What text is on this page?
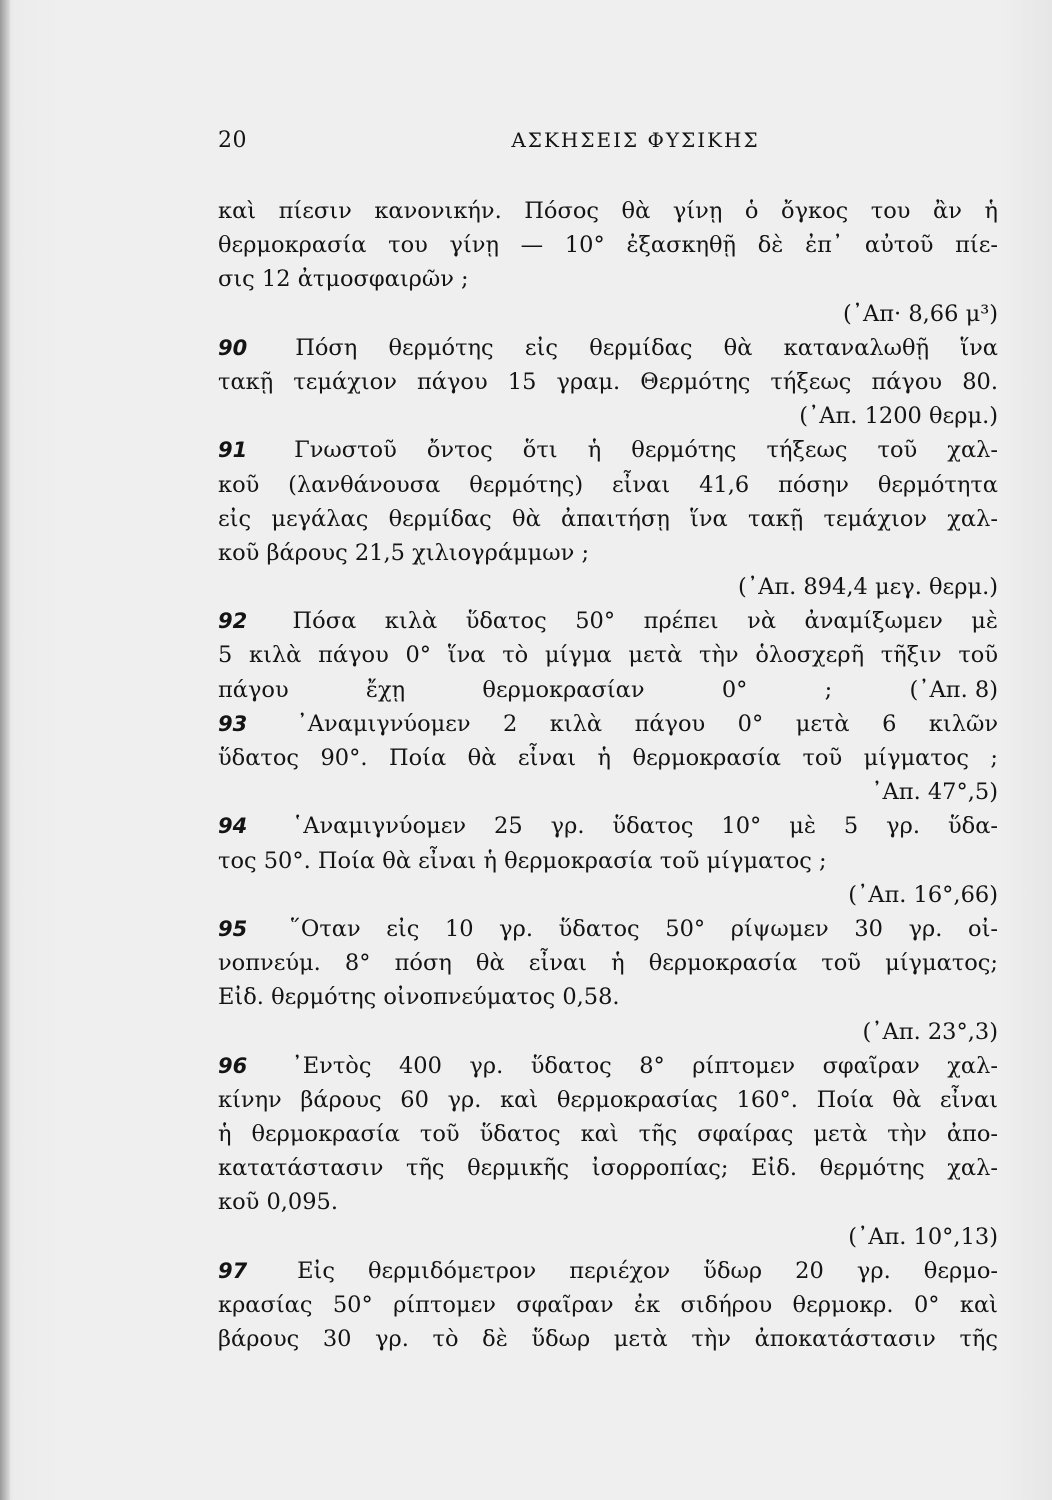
20	ΑΣΚΗΣΕΙΣ ΦΥΣΙΚΗΣ
καὶ πίεσιν κανονικήν. Πόσος θὰ γίνῃ ὁ ὄγκος του ἂν ἡ
θερμοκρασία του γίνῃ — 10° ἐξασκηθῇ δὲ ἐπ᾽ αὐτοῦ πίε-
σις 12 ἀτμοσφαιρῶν ;
(᾽Απ· 8,66 μ³)
90 Πόση θερμότης εἰς θερμίδας θὰ καταναλωθῇ ἵνα
τακῇ τεμάχιον πάγου 15 γραμ. Θερμότης τήξεως πάγου 80.
(᾽Απ. 1200 θερμ.)
91 Γνωστοῦ ὄντος ὅτι ἡ θερμότης τήξεως τοῦ χαλ-
κοῦ (λανθάνουσα θερμότης) εἶναι 41,6 πόσην θερμότητα
εἰς μεγάλας θερμίδας θὰ ἀπαιτήσῃ ἵνα τακῇ τεμάχιον χαλ-
κοῦ βάρους 21,5 χιλιογράμμων ;
(᾽Απ. 894,4 μεγ. θερμ.)
92 Πόσα κιλὰ ὕδατος 50° πρέπει νὰ ἀναμίξωμεν μὲ
5 κιλὰ πάγου 0° ἵνα τὸ μίγμα μετὰ τὴν ὁλοσχερῆ τῆξιν τοῦ
πάγου ἔχῃ θερμοκρασίαν 0° ;	(᾽Απ. 8)
93 ᾽Αναμιγνύομεν 2 κιλὰ πάγου 0° μετὰ 6 κιλῶν
ὕδατος 90°. Ποία θὰ εἶναι ἡ θερμοκρασία τοῦ μίγματος ;
᾽Απ. 47°,5)
94 ῾Αναμιγνύομεν 25 γρ. ὕδατος 10° μὲ 5 γρ. ὕδα-
τος 50°. Ποία θὰ εἶναι ἡ θερμοκρασία τοῦ μίγματος ;
(᾽Απ. 16°,66)
95 ῞Οταν εἰς 10 γρ. ὕδατος 50° ρίψωμεν 30 γρ. οἰ-
νοπνεύμ. 8° πόση θὰ εἶναι ἡ θερμοκρασία τοῦ μίγματος;
Εἰδ. θερμότης οἰνοπνεύματος 0,58.
(᾽Απ. 23°,3)
96 ᾽Εντὸς 400 γρ. ὕδατος 8° ρίπτομεν σφαῖραν χαλ-
κίνην βάρους 60 γρ. καὶ θερμοκρασίας 160°. Ποία θὰ εἶναι
ἡ θερμοκρασία τοῦ ὕδατος καὶ τῆς σφαίρας μετὰ τὴν ἀπο-
κατατάστασιν τῆς θερμικῆς ἰσορροπίας; Εἰδ. θερμότης χαλ-
κοῦ 0,095.
(᾽Απ. 10°,13)
97 Εἰς θερμιδόμετρον περιέχον ὕδωρ 20 γρ. θερμο-
κρασίας 50° ρίπτομεν σφαῖραν ἐκ σιδήρου θερμοκρ. 0° καὶ
βάρους 30 γρ. τὸ δὲ ὕδωρ μετὰ τὴν ἀποκατάστασιν τῆς
